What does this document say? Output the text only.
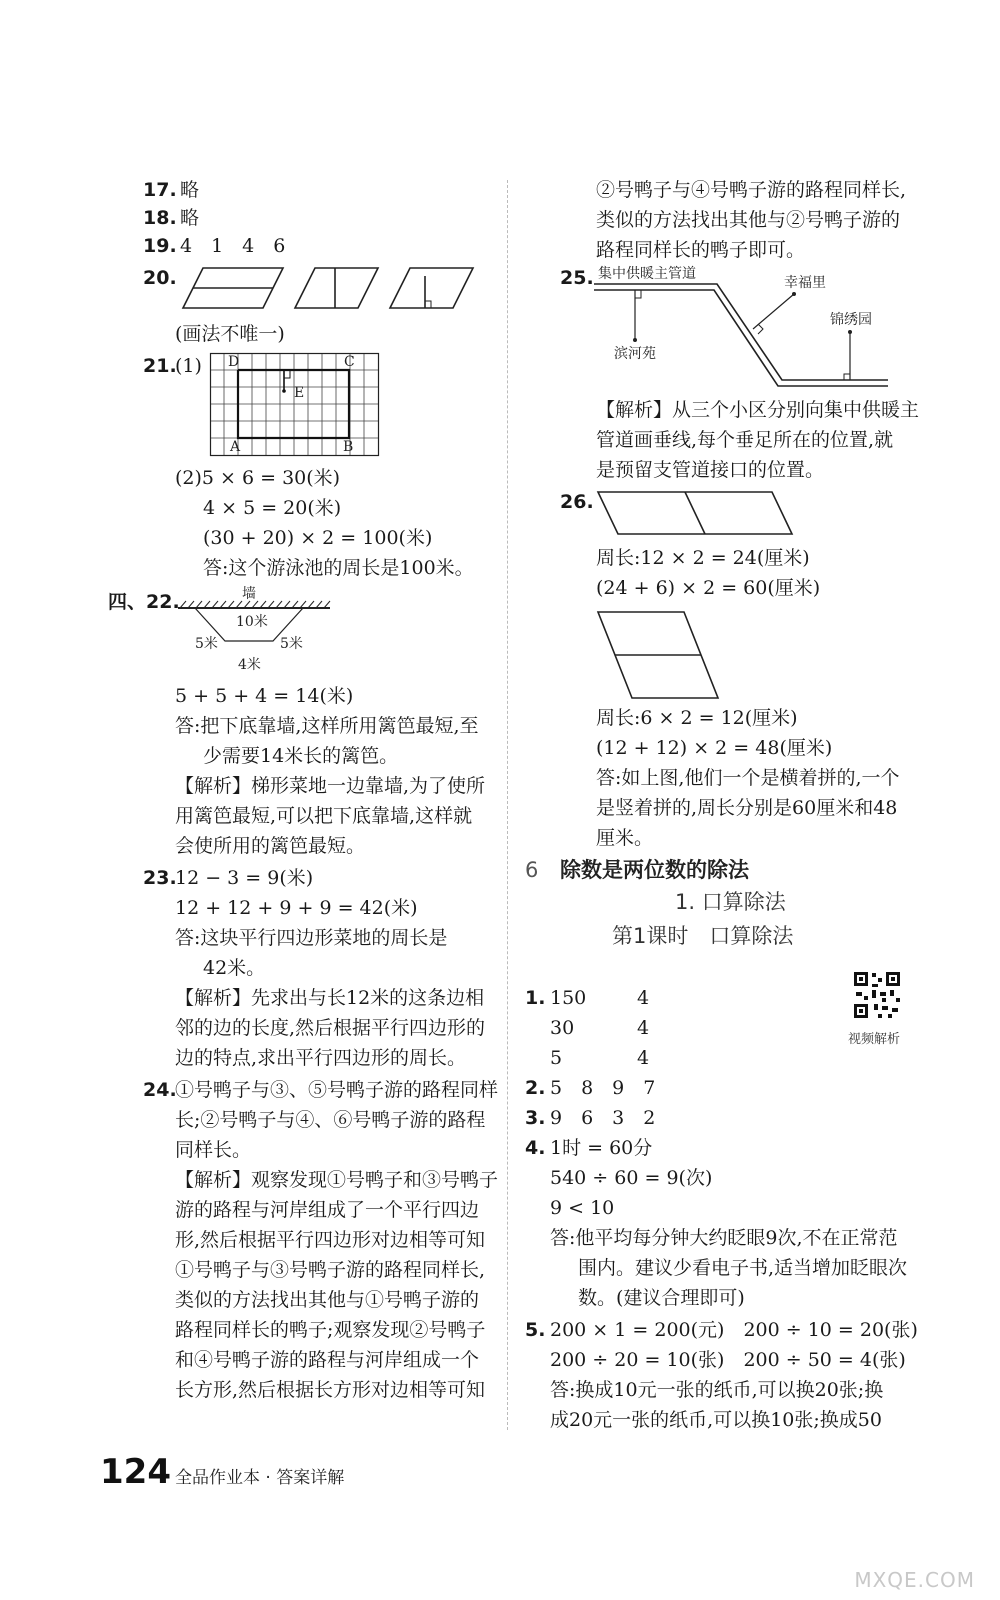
17. 略
18. 略
19. 4　1　4　6
20.
(画法不唯一)
21.
(1) D	C
E
A	B
(2)5 × 6 = 30(米)
4 × 5 = 20(米)
(30 + 20) × 2 = 100(米)
答:这个游泳池的周长是100米。
四、22.	墙
10米
5米	5米
4米
5 + 5 + 4 = 14(米)
答:把下底靠墙,这样所用篱笆最短,至
少需要14米长的篱笆。
【解析】梯形菜地一边靠墙,为了使所
用篱笆最短,可以把下底靠墙,这样就
会使所用的篱笆最短。
23.
12 − 3 = 9(米)
12 + 12 + 9 + 9 = 42(米)
答:这块平行四边形菜地的周长是
42米。
【解析】先求出与长12米的这条边相
邻的边的长度,然后根据平行四边形的
边的特点,求出平行四边形的周长。
24.
①号鸭子与③、⑤号鸭子游的路程同样
长;②号鸭子与④、⑥号鸭子游的路程
同样长。
【解析】观察发现①号鸭子和③号鸭子
游的路程与河岸组成了一个平行四边
形,然后根据平行四边形对边相等可知
①号鸭子与③号鸭子游的路程同样长,
类似的方法找出其他与①号鸭子游的
路程同样长的鸭子;观察发现②号鸭子
和④号鸭子游的路程与河岸组成一个
长方形,然后根据长方形对边相等可知
②号鸭子与④号鸭子游的路程同样长,
类似的方法找出其他与②号鸭子游的
路程同样长的鸭子即可。
25. 集中供暖主管道
幸福里
锦绣园
滨河苑
【解析】从三个小区分别向集中供暖主
管道画垂线,每个垂足所在的位置,就
是预留支管道接口的位置。
26.
周长:12 × 2 = 24(厘米)
(24 + 6) × 2 = 60(厘米)
周长:6 × 2 = 12(厘米)
(12 + 12) × 2 = 48(厘米)
答:如上图,他们一个是横着拼的,一个
是竖着拼的,周长分别是60厘米和48
厘米。
6 除数是两位数的除法
1. 口算除法
第1课时　口算除法
视频解析
1. 150	4
30	4
5	4
2. 5　8　9　7
3. 9　6　3　2
4. 1时 = 60分
540 ÷ 60 = 9(次)
9 < 10
答:他平均每分钟大约眨眼9次,不在正常范
围内。建议少看电子书,适当增加眨眼次
数。(建议合理即可)
5. 200 × 1 = 200(元)　200 ÷ 10 = 20(张)
200 ÷ 20 = 10(张)　200 ÷ 50 = 4(张)
答:换成10元一张的纸币,可以换20张;换
成20元一张的纸币,可以换10张;换成50
124 全品作业本 · 答案详解
MXQE.COM
